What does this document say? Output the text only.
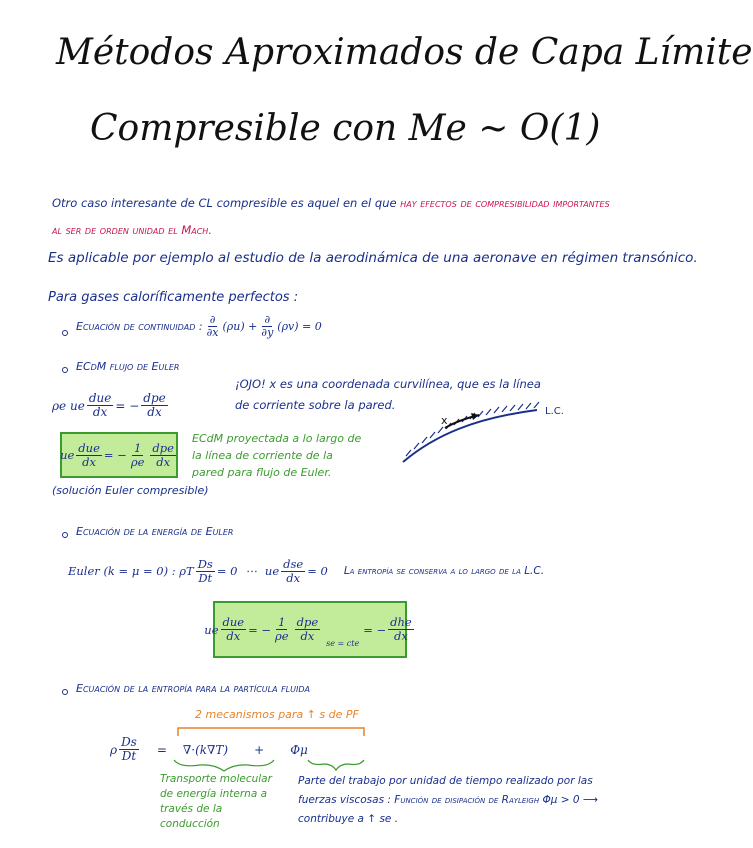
Métodos Aproximados de Capa Límite
Compresible con Me ~ O(1)
Otro caso interesante de CL compresible es aquel en el que hay efectos de compresibilidad importantes al ser de orden unidad el Mach.
Es aplicable por ejemplo al estudio de la aerodinámica de una aeronave en régimen transónico.
Para gases caloríficamente perfectos :
Ecuación de continuidad : $\frac{\partial}{\partial x} (\rho u) + \frac{\partial}{\partial y} (\rho v) = 0$
ECdM flujo de Euler
ρe ue $\frac{\text{due}}{dx}$ = − $\frac{\text{dpe}}{dx}$
¡OJO! x es una coordenada curvilínea, que es la línea de corriente sobre la pared.
ue $\frac{\text{due}}{dx}$ = − $\frac{1}{\rho e} \frac{\text{dpe}}{dx}$
ECdM proyectada a lo largo de la línea de corriente de la pared para flujo de Euler.
(solución Euler compresible)
x
L.C.
Ecuación de la energía de Euler
Euler (k = μ = 0) : ρT $\frac{Ds}{Dt} = 0$ ⋯ ue $\frac{\text{dse}}{dx} = 0$ La entropía se conserva a lo largo de la L.C.
ue $\frac{\text{due}}{dx}$ = − $\frac{1}{\rho e} \frac{\text{dpe}}{dx}$
se = cte
= − $\frac{\text{dhe}}{dx}$
Ecuación de la entropía para la partícula fluida
2 mecanismos para ↑ s de PF
ρ $\frac{Ds}{Dt} = \nabla\cdot(k\nabla T) + \Phi\mu$
Transporte molecular de energía interna a través de la conducción
Parte del trabajo por unidad de tiempo realizado por las fuerzas viscosas : Función de disipación de Rayleigh Φμ > 0 ⟶ contribuye a ↑ se .
